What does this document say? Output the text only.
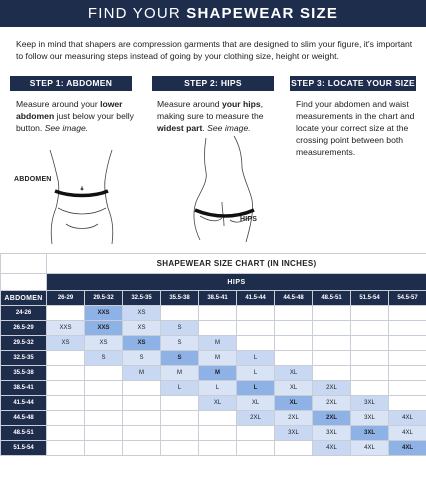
FIND YOUR SHAPEWEAR SIZE
Keep in mind that shapers are compression garments that are designed to slim your figure, it's important to follow our measuring steps instead of going by your clothing size, height or weight.
STEP 1: ABDOMEN	STEP 2: HIPS	STEP 3: LOCATE YOUR SIZE
Measure around your lower abdomen just below your belly button. See image.
Measure around your hips, making sure to measure the widest part. See image.
Find your abdomen and waist measurements in the chart and locate your correct size at the crossing point between both measurements.
ABDOMEN
HIPS
	SHAPEWEAR SIZE CHART (IN INCHES)									
	HIPS									
ABDOMEN	26-29	29.5-32	32.5-35	35.5-38	38.5-41	41.5-44	44.5-48	48.5-51	51.5-54	54.5-57
24-26		XXS	XS							
26.5-29	XXS	XXS	XS	S						
29.5-32	XS	XS	XS	S	M					
32.5-35		S	S	S	M	L				
35.5-38			M	M	M	L	XL			
38.5-41				L	L	L	XL	2XL		
41.5-44					XL	XL	XL	2XL	3XL	
44.5-48						2XL	2XL	2XL	3XL	4XL
48.5-51							3XL	3XL	3XL	4XL
51.5-54								4XL	4XL	4XL
